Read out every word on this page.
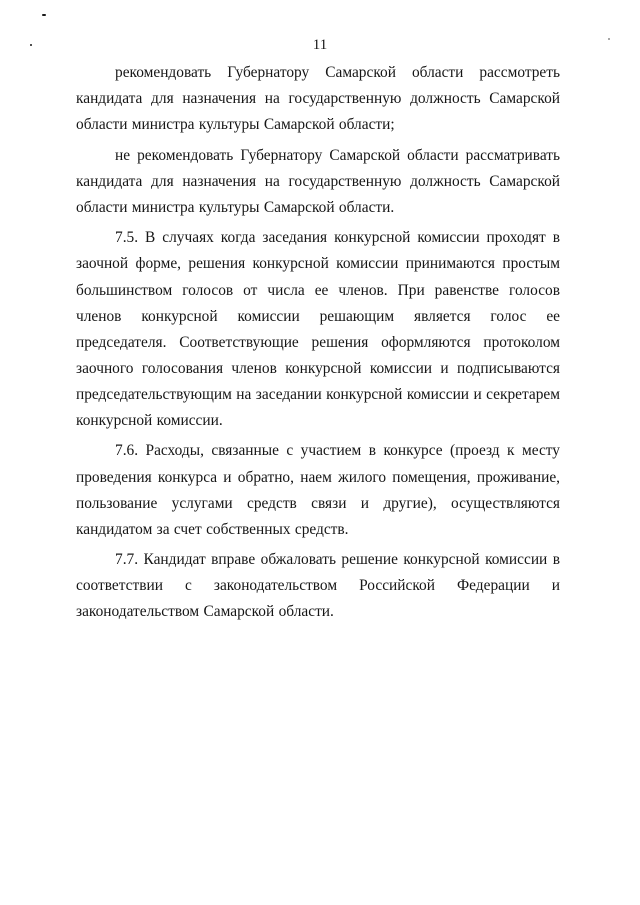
11

рекомендовать Губернатору Самарской области рассмотреть кандидата для назначения на государственную должность Самарской области министра культуры Самарской области;

не рекомендовать Губернатору Самарской области рассматривать кандидата для назначения на государственную должность Самарской области министра культуры Самарской области.

7.5. В случаях когда заседания конкурсной комиссии проходят в заочной форме, решения конкурсной комиссии принимаются простым большинством голосов от числа ее членов. При равенстве голосов членов конкурсной комиссии решающим является голос ее председателя. Соответствующие решения оформляются протоколом заочного голосования членов конкурсной комиссии и подписываются председательствующим на заседании конкурсной комиссии и секретарем конкурсной комиссии.

7.6. Расходы, связанные с участием в конкурсе (проезд к месту проведения конкурса и обратно, наем жилого помещения, проживание, пользование услугами средств связи и другие), осуществляются кандидатом за счет собственных средств.

7.7. Кандидат вправе обжаловать решение конкурсной комиссии в соответствии с законодательством Российской Федерации и законодательством Самарской области.
